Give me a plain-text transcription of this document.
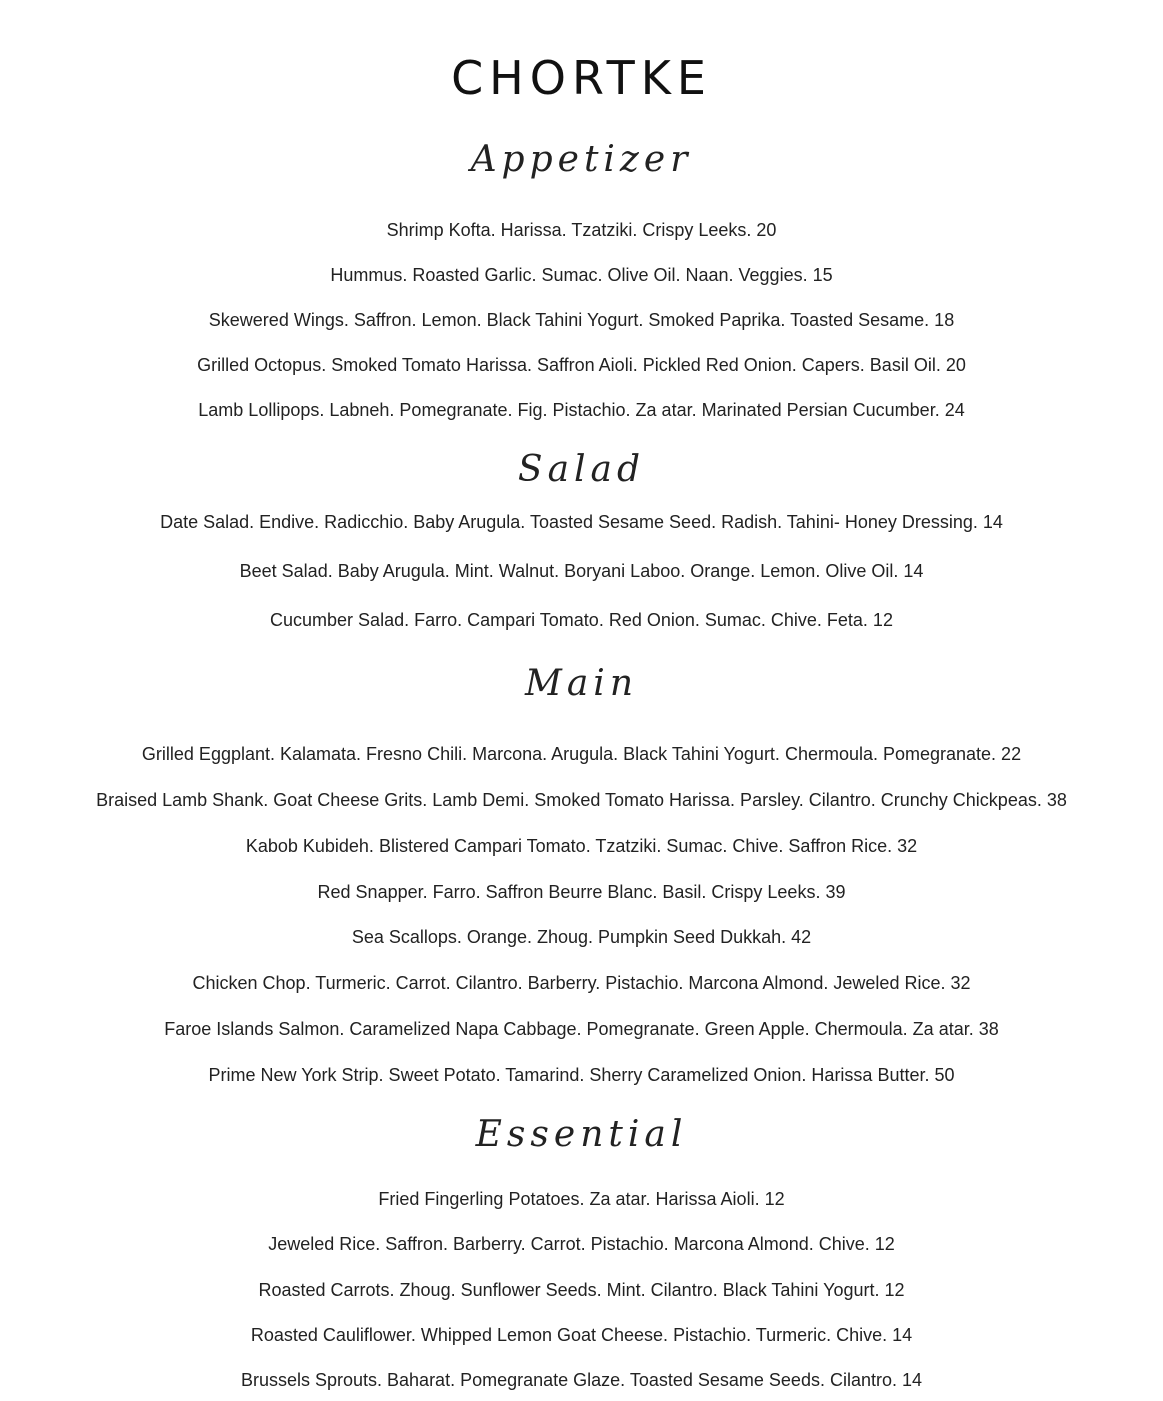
CHORTKE
Appetizer
Shrimp Kofta. Harissa. Tzatziki. Crispy Leeks. 20
Hummus. Roasted Garlic. Sumac. Olive Oil. Naan. Veggies. 15
Skewered Wings. Saffron. Lemon. Black Tahini Yogurt. Smoked Paprika. Toasted Sesame. 18
Grilled Octopus. Smoked Tomato Harissa. Saffron Aioli. Pickled Red Onion. Capers. Basil Oil. 20
Lamb Lollipops. Labneh. Pomegranate. Fig. Pistachio. Za atar. Marinated Persian Cucumber. 24
Salad
Date Salad. Endive. Radicchio. Baby Arugula. Toasted Sesame Seed. Radish. Tahini- Honey Dressing. 14
Beet Salad. Baby Arugula. Mint. Walnut. Boryani Laboo. Orange. Lemon. Olive Oil. 14
Cucumber Salad. Farro. Campari Tomato. Red Onion. Sumac. Chive. Feta. 12
Main
Grilled Eggplant. Kalamata. Fresno Chili. Marcona. Arugula. Black Tahini Yogurt. Chermoula. Pomegranate. 22
Braised Lamb Shank. Goat Cheese Grits. Lamb Demi. Smoked Tomato Harissa. Parsley. Cilantro. Crunchy Chickpeas. 38
Kabob Kubideh. Blistered Campari Tomato. Tzatziki. Sumac. Chive. Saffron Rice. 32
Red Snapper. Farro. Saffron Beurre Blanc. Basil. Crispy Leeks. 39
Sea Scallops. Orange. Zhoug. Pumpkin Seed Dukkah. 42
Chicken Chop. Turmeric. Carrot. Cilantro. Barberry. Pistachio. Marcona Almond. Jeweled Rice. 32
Faroe Islands Salmon. Caramelized Napa Cabbage. Pomegranate. Green Apple. Chermoula. Za atar. 38
Prime New York Strip. Sweet Potato. Tamarind. Sherry Caramelized Onion. Harissa Butter. 50
Essential
Fried Fingerling Potatoes. Za atar. Harissa Aioli. 12
Jeweled Rice. Saffron. Barberry. Carrot. Pistachio. Marcona Almond. Chive. 12
Roasted Carrots. Zhoug. Sunflower Seeds. Mint. Cilantro. Black Tahini Yogurt. 12
Roasted Cauliflower. Whipped Lemon Goat Cheese. Pistachio. Turmeric. Chive. 14
Brussels Sprouts. Baharat. Pomegranate Glaze. Toasted Sesame Seeds. Cilantro. 14
